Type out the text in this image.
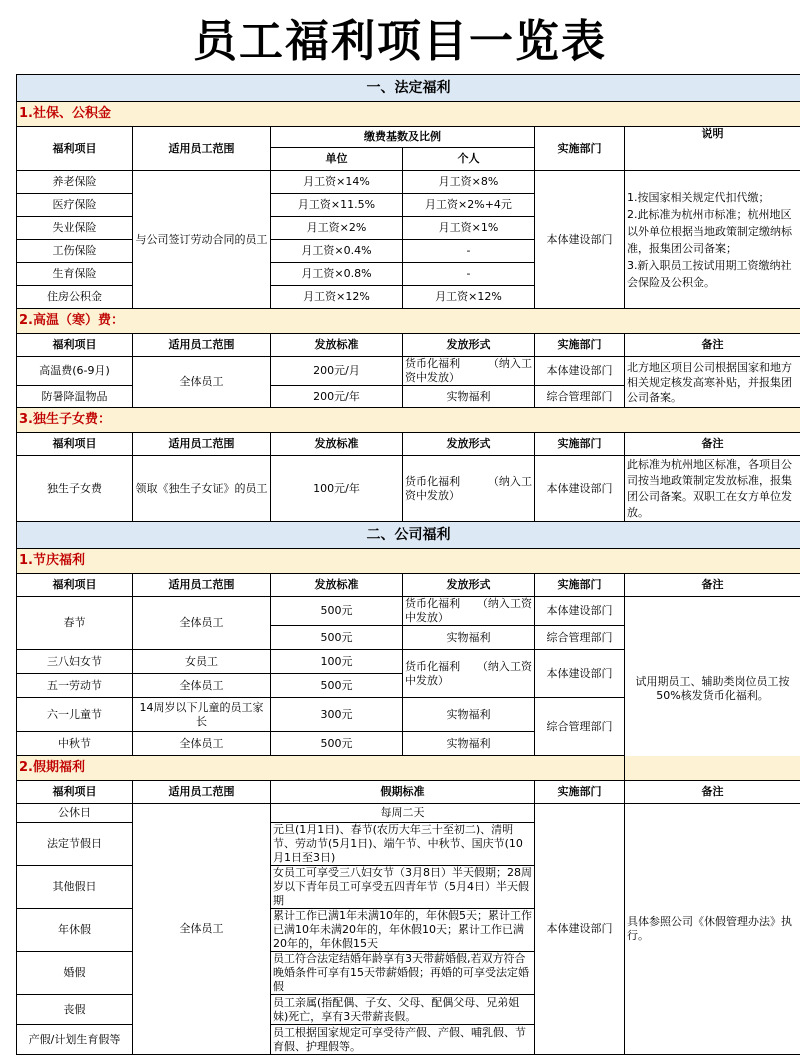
员工福利项目一览表
一、法定福利					
1.社保、公积金					
福利项目	适用员工范围	缴费基数及比例		实施部门	说明
		单位	个人		
养老保险	与公司签订劳动合同的员工	月工资×14%	月工资×8%	本体建设部门	1.按国家相关规定代扣代缴；
2.此标准为杭州市标准；杭州地区以外单位根据当地政策制定缴纳标准，报集团公司备案；
3.新入职员工按试用期工资缴纳社会保险及公积金。
医疗保险		月工资×11.5%	月工资×2%+4元		
失业保险		月工资×2%	月工资×1%		
工伤保险		月工资×0.4%	-		
生育保险		月工资×0.8%	-		
住房公积金		月工资×12%	月工资×12%		
2.高温（寒）费：					
福利项目	适用员工范围	发放标准	发放形式	实施部门	备注
高温费(6-9月)	全体员工	200元/月	货币化福利　　　（纳入工资中发放）	本体建设部门	北方地区项目公司根据国家和地方相关规定核发高寒补贴，并报集团公司备案。
防暑降温物品		200元/年	实物福利	综合管理部门	
3.独生子女费：					
福利项目	适用员工范围	发放标准	发放形式	实施部门	备注
独生子女费	领取《独生子女证》的员工	100元/年	货币化福利　　　（纳入工资中发放）	本体建设部门	此标准为杭州地区标准，各项目公司按当地政策制定发放标准，报集团公司备案。双职工在女方单位发放。
二、公司福利					
1.节庆福利					
福利项目	适用员工范围	发放标准	发放形式	实施部门	备注
春节	全体员工	500元	货币化福利　　（纳入工资中发放）	本体建设部门	试用期员工、辅助类岗位员工按50%核发货币化福利。
		500元	实物福利	综合管理部门	
三八妇女节	女员工	100元	货币化福利　　（纳入工资中发放）	本体建设部门	
五一劳动节	全体员工	500元			
六一儿童节	14周岁以下儿童的员工家长	300元	实物福利	综合管理部门	
中秋节	全体员工	500元	实物福利		
2.假期福利					
福利项目	适用员工范围	假期标准		实施部门	备注
公休日	全体员工	每周二天		本体建设部门	具体参照公司《休假管理办法》执行。
法定节假日		元旦(1月1日)、春节(农历大年三十至初二)、清明节、劳动节(5月1日)、端午节、中秋节、国庆节(10月1日至3日)			
其他假日		女员工可享受三八妇女节（3月8日）半天假期；28周岁以下青年员工可享受五四青年节（5月4日）半天假期			
年休假		累计工作已满1年未满10年的，年休假5天；累计工作已满10年未满20年的，年休假10天；累计工作已满20年的，年休假15天			
婚假		员工符合法定结婚年龄享有3天带薪婚假,若双方符合晚婚条件可享有15天带薪婚假；再婚的可享受法定婚假			
丧假		员工亲属(指配偶、子女、父母、配偶父母、兄弟姐妹)死亡，享有3天带薪丧假。			
产假/计划生育假等		员工根据国家规定可享受待产假、产假、哺乳假、节育假、护理假等。			
